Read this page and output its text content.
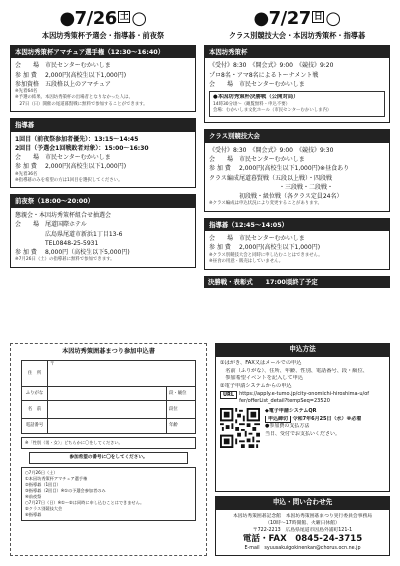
●7/26 土 ○
本因坊秀策杯予選会・指導碁・前夜祭
本因坊秀策杯アマチュア選手権（12:30～16:40）
会　　場 市民センターむかいしま
参 加 費 2,000円(高校生以下1,000円)
参加資格 五段格以上のアマチュア
※先着64名
※予選の結果、本因坊秀策杯の出場者となりなかった人は、
　27日（日）開催の尾道暮賢戦に無料で参加することができます。
指導碁
1回目（前夜祭参加者優先）：13:15～14:45
2回目（予選会1回戦敗者対象）：15:00～16:30
会　　場 市民センターむかいしま
参 加 費 2,000円(高校生以下1,000円)
※先着36名
※指導碁のみを希望の方は1回目を選択してください。
前夜祭（18:00～20:00）
懇親会・本因坊秀策杯組合せ抽選会
会　　場 尾道国際ホテル
広島県尾道市新浜1丁目13-6
TEL0848-25-5931
参 加 費 8,000円（高校生以下5,000円)
※7月26日（土）の指導碁に無料で参加できます。
●7/27 日 ○
クラス別競技大会・本因坊秀策杯・指導碁
本因坊秀策杯
《受付》8:30　《開会式》9:00　《競技》9:20
プロ8名・アマ8名によるトーナメント戦
会　　場 市民センターむかいしま
●本因坊秀策杯決勝戦（公開対局）
14時30分頃～（観覧無料・申込不要）
会場：むかいしま文化ホール（市民センターむかいしま内）
クラス別競技大会
《受付》8:30　《開会式》9:00　《競技》9:30
会　　場 市民センターむかいしま
参 加 費 2,000円(高校生以下1,000円)※昼食あり
クラス編成尾道暮賢戦（五段以上戦）・四段戦
・三段戦・二段戦・
初段戦・級位戦（各クラス定員24名）
※クラス編成は申込状況により変更することがあります。
指導碁（12:45～14:05）
会　　場 市民センターむかいしま
参 加 費 2,000円(高校生以下1,000円)
※クラス別競技大会と同時に申し込むことはできません。
※昼食の用意・販売はしていません。
決勝戦・表彰式　　17:00頃終了予定
本因坊秀策囲碁まつり参加申込書
住　所
〒
ふりがな	段・級位
名　前	段位
電話番号	年齢
※「性別（男・女）」どちらかに〇をしてください。
参加希望の番号に〇をしてください。
○7月26日（土）
①本因坊秀策杯アマチュア選手権
②指導碁（1回目）
③指導碁（2回目）※①の予選会参加者のみ
④前夜祭
○7月27日（日）※①～⑤は同時に申し込むことはできません。
⑤クラス別競技大会
⑥指導碁
申込方法
①はがき、FAX又はメールでの申込
　名前（ふりがな）、住所、年齢、性別、電話番号、段・級位、
　参加希望イベントを記入して申込
②電子申請システムからの申込
URL	https://apply.e-tumo.jp/city-onomichi-hiroshima-u/of
fer/offerList_detail?tempSeq=23520
◆電子申請システムQR
申込締切 令和7年6月25日（水）※必着
●参加費の支払方法
当日、受付でお支払いください。
申込・問い合わせ先
本因坊秀策囲碁記念館　本因坊秀策囲碁まつり実行委員会事務局
（10時～17時開館、火曜日休館）
〒722-2213　広島県尾道市因島外浦町121-1
電話・FAX　0845-24-3715
E-mail　syuusakuigokinenkan@chorus.ocn.ne.jp
